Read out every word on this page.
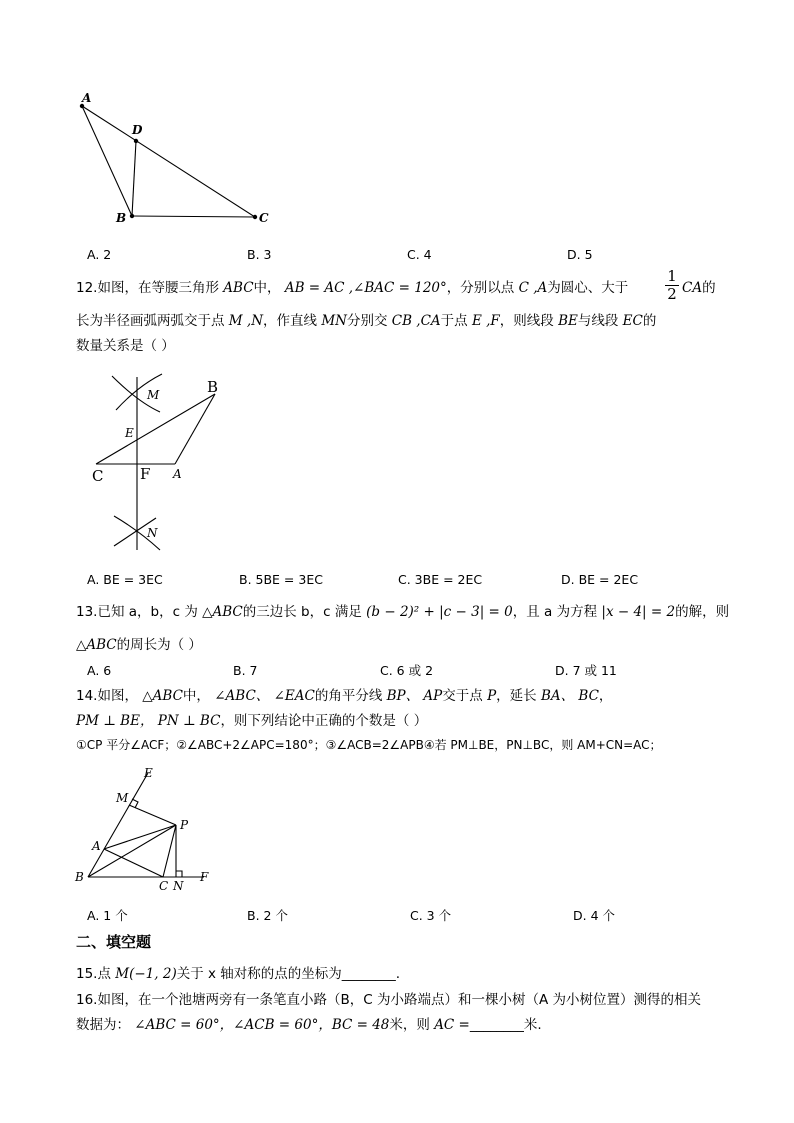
A
D
B	C
A. 2	B. 3	C. 4	D. 5
12.如图，在等腰三角形 ABC中， AB = AC ,∠BAC = 120°，分别以点 C ,A为圆心、大于
1
2 CA的
长为半径画弧两弧交于点 M ,N，作直线 MN分别交 CB ,CA于点 E ,F，则线段 BE与线段 EC的
数量关系是（ ）
B
M
E
C F A
N
A. BE = 3EC	B. 5BE = 3EC	C. 3BE = 2EC	D. BE = 2EC
13.已知 a，b，c 为 △ABC的三边长 b，c 满足 (b − 2)² + |c − 3| = 0，且 a 为方程 |x − 4| = 2的解，则
△ABC的周长为（ ）
A. 6	B. 7	C. 6 或 2	D. 7 或 11
14.如图， △ABC中， ∠ABC、 ∠EAC的角平分线 BP、 AP交于点 P，延长 BA、 BC，
PM ⊥ BE， PN ⊥ BC，则下列结论中正确的个数是（ ）
①CP 平分∠ACF；②∠ABC+2∠APC=180°；③∠ACB=2∠APB④若 PM⊥BE，PN⊥BC，则 AM+CN=AC；
E
M
P
A
B
C N
F
A. 1 个	B. 2 个	C. 3 个	D. 4 个
二、填空题
15.点 M(−1, 2)关于 x 轴对称的点的坐标为________.
16.如图，在一个池塘两旁有一条笔直小路（B，C 为小路端点）和一棵小树（A 为小树位置）测得的相关
数据为： ∠ABC = 60°，∠ACB = 60°，BC = 48米，则 AC =________米.
